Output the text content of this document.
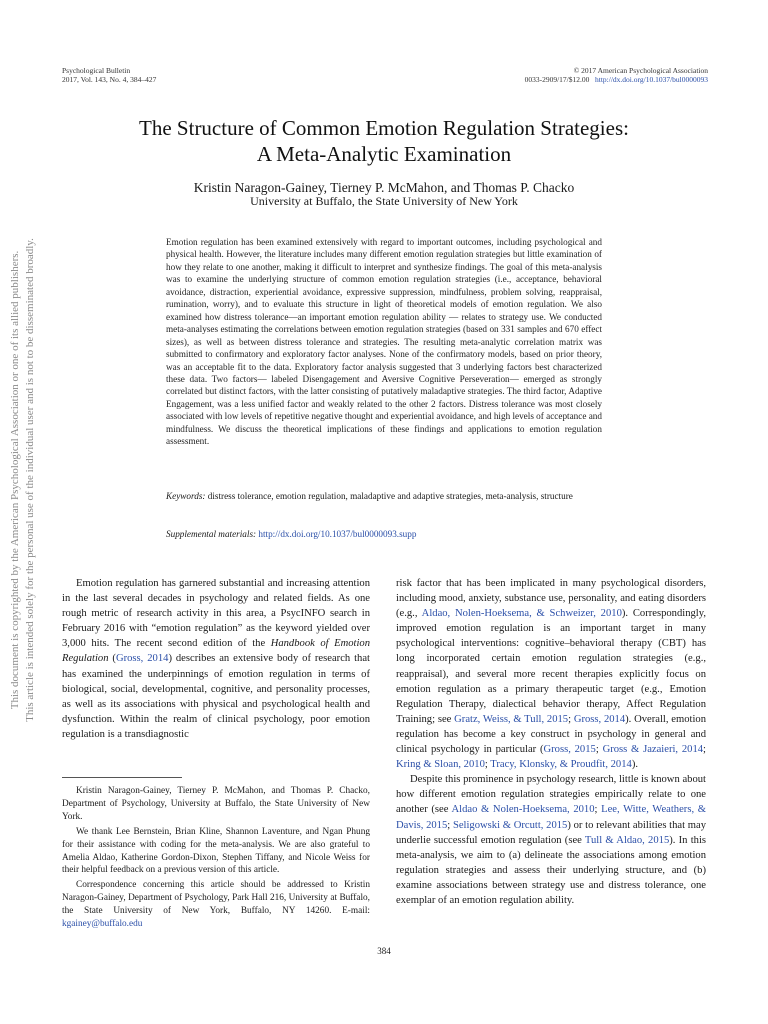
Psychological Bulletin
2017, Vol. 143, No. 4, 384–427
© 2017 American Psychological Association
0033-2909/17/$12.00 http://dx.doi.org/10.1037/bul0000093
This document is copyrighted by the American Psychological Association or one of its allied publishers. This article is intended solely for the personal use of the individual user and is not to be disseminated broadly.
The Structure of Common Emotion Regulation Strategies:
A Meta-Analytic Examination
Kristin Naragon-Gainey, Tierney P. McMahon, and Thomas P. Chacko
University at Buffalo, the State University of New York
Emotion regulation has been examined extensively with regard to important outcomes, including psychological and physical health. However, the literature includes many different emotion regulation strategies but little examination of how they relate to one another, making it difficult to interpret and synthesize findings. The goal of this meta-analysis was to examine the underlying structure of common emotion regulation strategies (i.e., acceptance, behavioral avoidance, distraction, experiential avoidance, expressive suppression, mindfulness, problem solving, reappraisal, rumination, worry), and to evaluate this structure in light of theoretical models of emotion regulation. We also examined how distress tolerance—an important emotion regulation ability — relates to strategy use. We conducted meta-analyses estimating the correlations between emotion regulation strategies (based on 331 samples and 670 effect sizes), as well as between distress tolerance and strategies. The resulting meta-analytic correlation matrix was submitted to confirmatory and exploratory factor analyses. None of the confirmatory models, based on prior theory, was an acceptable fit to the data. Exploratory factor analysis suggested that 3 underlying factors best characterized these data. Two factors— labeled Disengagement and Aversive Cognitive Perseveration— emerged as strongly correlated but distinct factors, with the latter consisting of putatively maladaptive strategies. The third factor, Adaptive Engagement, was a less unified factor and weakly related to the other 2 factors. Distress tolerance was most closely associated with low levels of repetitive negative thought and experiential avoidance, and high levels of acceptance and mindfulness. We discuss the theoretical implications of these findings and applications to emotion regulation assessment.
Keywords: distress tolerance, emotion regulation, maladaptive and adaptive strategies, meta-analysis, structure
Supplemental materials: http://dx.doi.org/10.1037/bul0000093.supp

Emotion regulation has garnered substantial and increasing attention in the last several decades in psychology and related fields. As one rough metric of research activity in this area, a PsycINFO search in February 2016 with “emotion regulation” as the keyword yielded over 3,000 hits. The recent second edition of the Handbook of Emotion Regulation (Gross, 2014) describes an extensive body of research that has examined the underpinnings of emotion regulation in terms of biological, social, developmental, cognitive, and personality processes, as well as its associations with physical and psychological health and dysfunction. Within the realm of clinical psychology, poor emotion regulation is a transdiagnostic

Kristin Naragon-Gainey, Tierney P. McMahon, and Thomas P. Chacko, Department of Psychology, University at Buffalo, the State University of New York.

We thank Lee Bernstein, Brian Kline, Shannon Laventure, and Ngan Phung for their assistance with coding for the meta-analysis. We are also grateful to Amelia Aldao, Katherine Gordon-Dixon, Stephen Tiffany, and Nicole Weiss for their helpful feedback on a previous version of this article.

Correspondence concerning this article should be addressed to Kristin Naragon-Gainey, Department of Psychology, Park Hall 216, University at Buffalo, the State University of New York, Buffalo, NY 14260. E-mail: kgainey@buffalo.edu

risk factor that has been implicated in many psychological disorders, including mood, anxiety, substance use, personality, and eating disorders (e.g., Aldao, Nolen-Hoeksema, & Schweizer, 2010). Correspondingly, improved emotion regulation is an important target in many psychological interventions: cognitive–behavioral therapy (CBT) has long incorporated certain emotion regulation strategies (e.g., reappraisal), and several more recent therapies explicitly focus on emotion regulation as a primary therapeutic target (e.g., Emotion Regulation Therapy, dialectical behavior therapy, Affect Regulation Training; see Gratz, Weiss, & Tull, 2015; Gross, 2014). Overall, emotion regulation has become a key construct in psychology in general and clinical psychology in particular (Gross, 2015; Gross & Jazaieri, 2014; Kring & Sloan, 2010; Tracy, Klonsky, & Proudfit, 2014).

Despite this prominence in psychology research, little is known about how different emotion regulation strategies empirically relate to one another (see Aldao & Nolen-Hoeksema, 2010; Lee, Witte, Weathers, & Davis, 2015; Seligowski & Orcutt, 2015) or to relevant abilities that may underlie successful emotion regulation (see Tull & Aldao, 2015). In this meta-analysis, we aim to (a) delineate the associations among emotion regulation strategies and assess their underlying structure, and (b) examine associations between strategy use and distress tolerance, one exemplar of an emotion regulation ability.

384
